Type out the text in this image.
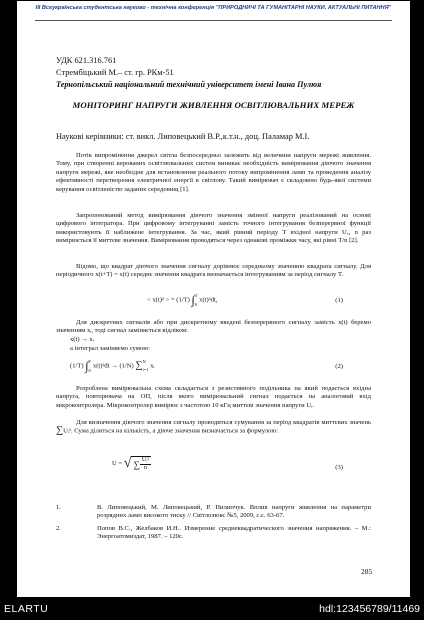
III Всеукраїнська студентська науково - технічна конференція "ПРИРОДНИЧІ ТА ГУМАНІТАРНІ НАУКИ. АКТУАЛЬНІ ПИТАННЯ"
УДК 621.316.761
Стрембіцький М.– ст. гр. РКм-51
Тернопільський національний технічний університет імені Івана Пулюя
МОНІТОРИНГ НАПРУГИ ЖИВЛЕННЯ ОСВІТЛЮВАЛЬНИХ МЕРЕЖ
Наукові керівники: ст. викл. Липовецький В.Р.,к.т.н., доц. Паламар М.І.

Потік випромінення джерел світла безпосередньо залежить від величини напруги мережі живлення. Тому, при створенні керованих освітлювальних систем виникає необхідність вимірювання діючого значення напруги мережі, яке необхідне для встановлення реального потоку випромінення ламп та проведення аналізу ефективності перетворення електричної енергії в світлову. Такий вимірювач є складовою будь-якої системи керування освітленістю заданих середовищ [1].

Запропонований метод вимірювання діючого значення змінної напруги реалізований на основі цифрового інтегратора. При цифровому інтегруванні замість точного інтегрування безперервної функції використовують її наближене інтегрування. За час, який рівний періоду Т вхідної напруги Uₓ, n раз вимірюється її миттєве значення. Вимірювання проводяться через однакові проміжки часу, які рівні T/n [2].

Відомо, що квадрат діючого значення сигналу дорівнює середньому значенню квадрата сигналу. Для періодичного x(t+T) = x(t) середнє значення квадрата визначається інтегруванням за період сигналу Т.

< x(t)² > = (1/T) ∫ T
0
x(t)²dt,	(1)

Для дискретних сигналів або при дискретному введені безперервного сигналу замість x(t) беремо значенням xᵢ, тоді сигнал заміняється відліком:

x(t) → xᵢ
а інтеграл заміняємо сумою:
(1/T) ∫ T
0
x(t)²dt → (1/N) ∑ N
i=1 xᵢ	(2)

Розроблена вимірювальна схема складається з резистивного подільника на який подається вхідна напруга, повторювача на ОП, після якого вимірювальний сигнал подається на аналоговий вхід мікроконтролера. Мікроконтролер вимірює з частотою 10 кГц миттєві значення напруги Uᵢ.

Для визначення діючого значення сигналу проводиться сумування за період квадратів миттєвих значень ∑Uᵢ². Сума ділиться на кількість, а діюче значення визначається за формулою:

U = √ ∑ $\frac{\text{Uᵢ²}}{n}$	(3)
1.	В. Липовецький, М. Липовецький, Р. Пилипчук. Вплив напруги живлення на параметри розрядних ламп високого тиску // Світлолюкс №5, 2009, с.с. 63-67.
2.	Попов В.С., Желбаков И.Н.. Измерение среднеквадратического значения напряжения. – М.: Энергоатомиздат, 1987. – 120с.
285
ELARTU	hdl:123456789/11469
